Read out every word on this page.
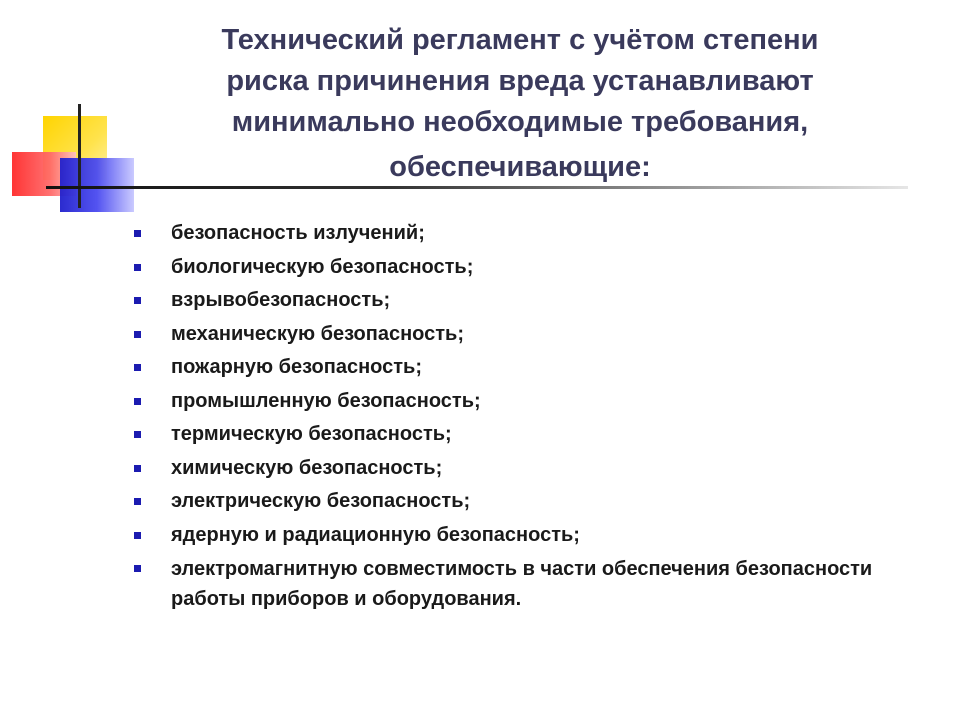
Технический регламент с учётом степени
риска причинения вреда устанавливают
минимально необходимые требования,
обеспечивающие:
безопасность излучений;
биологическую безопасность;
взрывобезопасность;
механическую безопасность;
пожарную безопасность;
промышленную безопасность;
термическую безопасность;
химическую безопасность;
электрическую безопасность;
ядерную и радиационную безопасность;
электромагнитную совместимость в части обеспечения безопасности работы приборов и оборудования.
